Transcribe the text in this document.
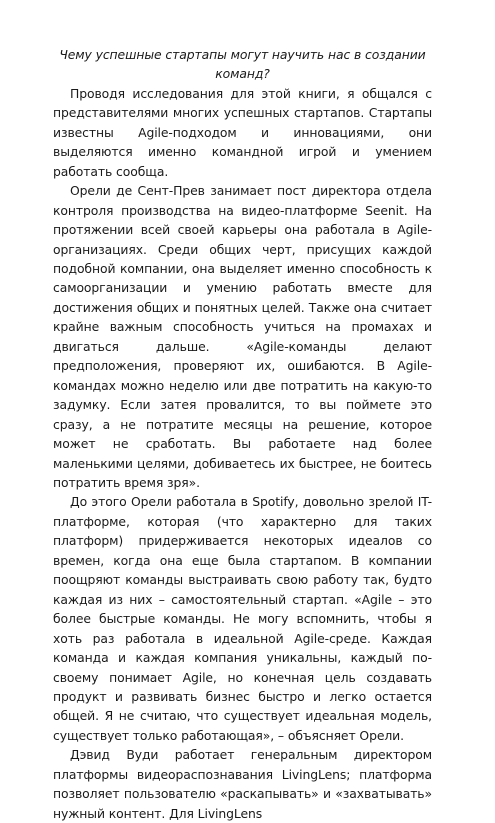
Чему успешные стартапы могут научить нас в создании команд?

Проводя исследования для этой книги, я общался с представителями многих успешных стартапов. Стартапы известны Agile-подходом и инновациями, они выделяются именно командной игрой и умением работать сообща.

Орели де Сент-Прев занимает пост директора отдела контроля производства на видео-платформе Seenit. На протяжении всей своей карьеры она работала в Agile-организациях. Среди общих черт, присущих каждой подобной компании, она выделяет именно способность к самоорганизации и умению работать вместе для достижения общих и понятных целей. Также она считает крайне важным способность учиться на промахах и двигаться дальше. «Agile-команды делают предположения, проверяют их, ошибаются. В Agile-командах можно неделю или две потратить на какую-то задумку. Если затея провалится, то вы поймете это сразу, а не потратите месяцы на решение, которое может не сработать. Вы работаете над более маленькими целями, добиваетесь их быстрее, не боитесь потратить время зря».

До этого Орели работала в Spotify, довольно зрелой IT-платформе, которая (что характерно для таких платформ) придерживается некоторых идеалов со времен, когда она еще была стартапом. В компании поощряют команды выстраивать свою работу так, будто каждая из них – самостоятельный стартап. «Agile – это более быстрые команды. Не могу вспомнить, чтобы я хоть раз работала в идеальной Agile-среде. Каждая команда и каждая компания уникальны, каждый по-своему понимает Agile, но конечная цель создавать продукт и развивать бизнес быстро и легко остается общей. Я не считаю, что существует идеальная модель, существует только работающая», – объясняет Орели.

Дэвид Вуди работает генеральным директором платформы видеораспознавания LivingLens; платформа позволяет пользователю «раскапывать» и «захватывать» нужный контент. Для LivingLens
